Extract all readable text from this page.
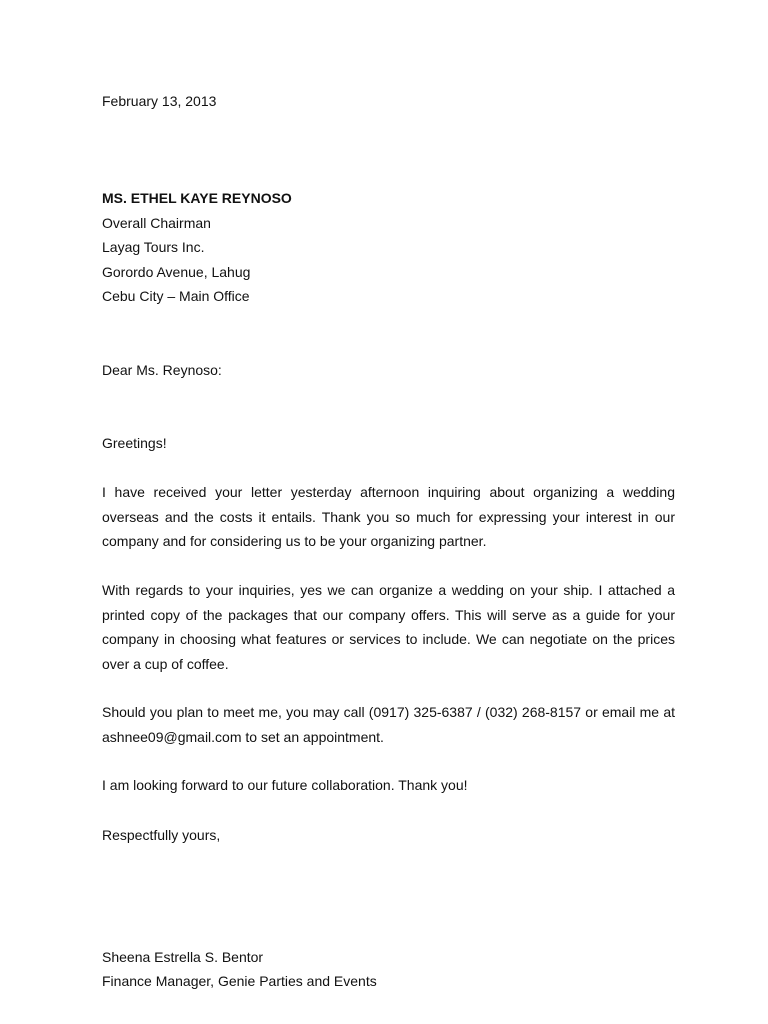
February 13, 2013
MS. ETHEL KAYE REYNOSO
Overall Chairman
Layag Tours Inc.
Gorordo Avenue, Lahug
Cebu City – Main Office
Dear Ms. Reynoso:
Greetings!
I have received your letter yesterday afternoon inquiring about organizing a wedding overseas and the costs it entails. Thank you so much for expressing your interest in our company and for considering us to be your organizing partner.
With regards to your inquiries, yes we can organize a wedding on your ship. I attached a printed copy of the packages that our company offers. This will serve as a guide for your company in choosing what features or services to include. We can negotiate on the prices over a cup of coffee.
Should you plan to meet me, you may call (0917) 325-6387 / (032) 268-8157 or email me at ashnee09@gmail.com to set an appointment.
I am looking forward to our future collaboration. Thank you!
Respectfully yours,
Sheena Estrella S. Bentor
Finance Manager, Genie Parties and Events
